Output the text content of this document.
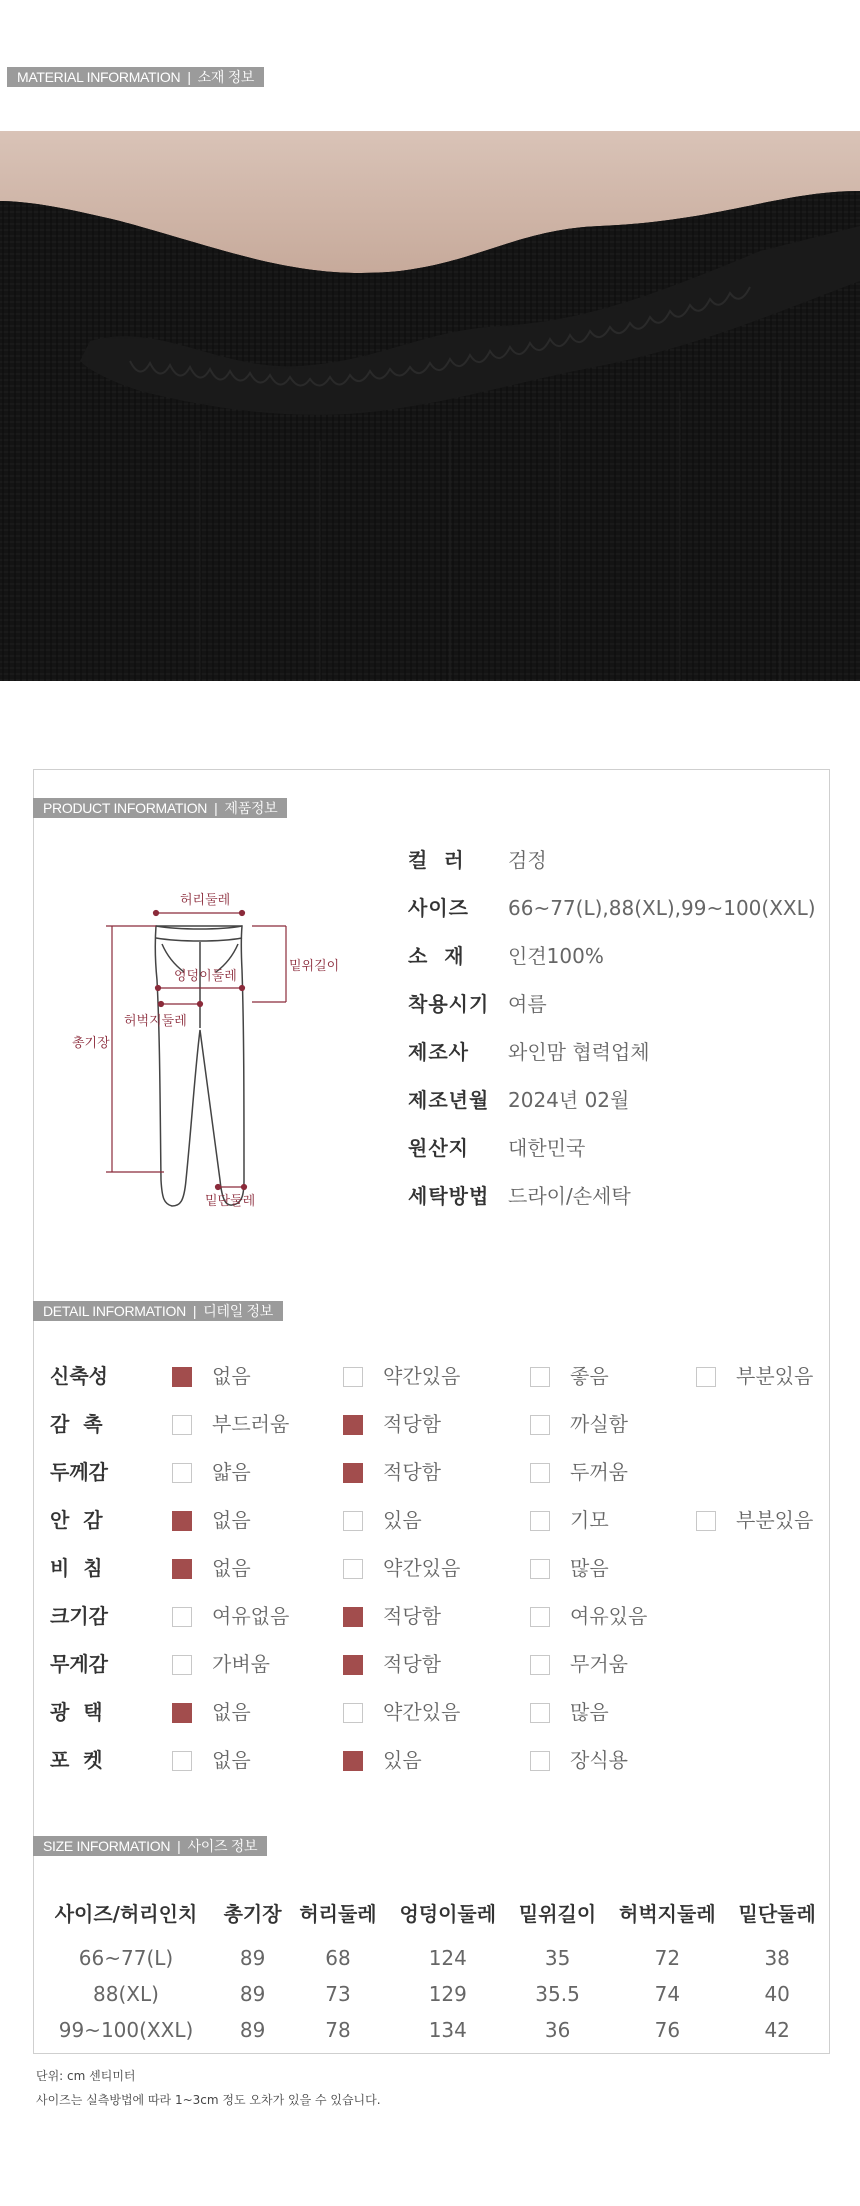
MATERIAL INFORMATION | 소재 정보
PRODUCT INFORMATION | 제품정보
허리둘레
엉덩이둘레
밑위길이
허벅지둘레
총기장
밑단둘레
컬  러 검정
사이즈 66~77(L),88(XL),99~100(XXL)
소  재 인견100%
착용시기 여름
제조사 와인맘 협력업체
제조년월 2024년 02월
원산지 대한민국
세탁방법 드라이/손세탁
DETAIL INFORMATION | 디테일 정보
신축성	없음	약간있음	좋음	부분있음
감  촉	부드러움	적당함	까실함
두께감	얇음	적당함	두꺼움
안  감	없음	있음	기모	부분있음
비  침	없음	약간있음	많음
크기감	여유없음	적당함	여유있음
무게감	가벼움	적당함	무거움
광  택	없음	약간있음	많음
포  켓	없음	있음	장식용
SIZE INFORMATION | 사이즈 정보
사이즈/허리인치	총기장	허리둘레	엉덩이둘레	밑위길이	허벅지둘레	밑단둘레
66~77(L)	89	68	124	35	72	38
88(XL)	89	73	129	35.5	74	40
99~100(XXL)	89	78	134	36	76	42
단위: cm 센티미터
사이즈는 실측방법에 따라 1~3cm 정도 오차가 있을 수 있습니다.
